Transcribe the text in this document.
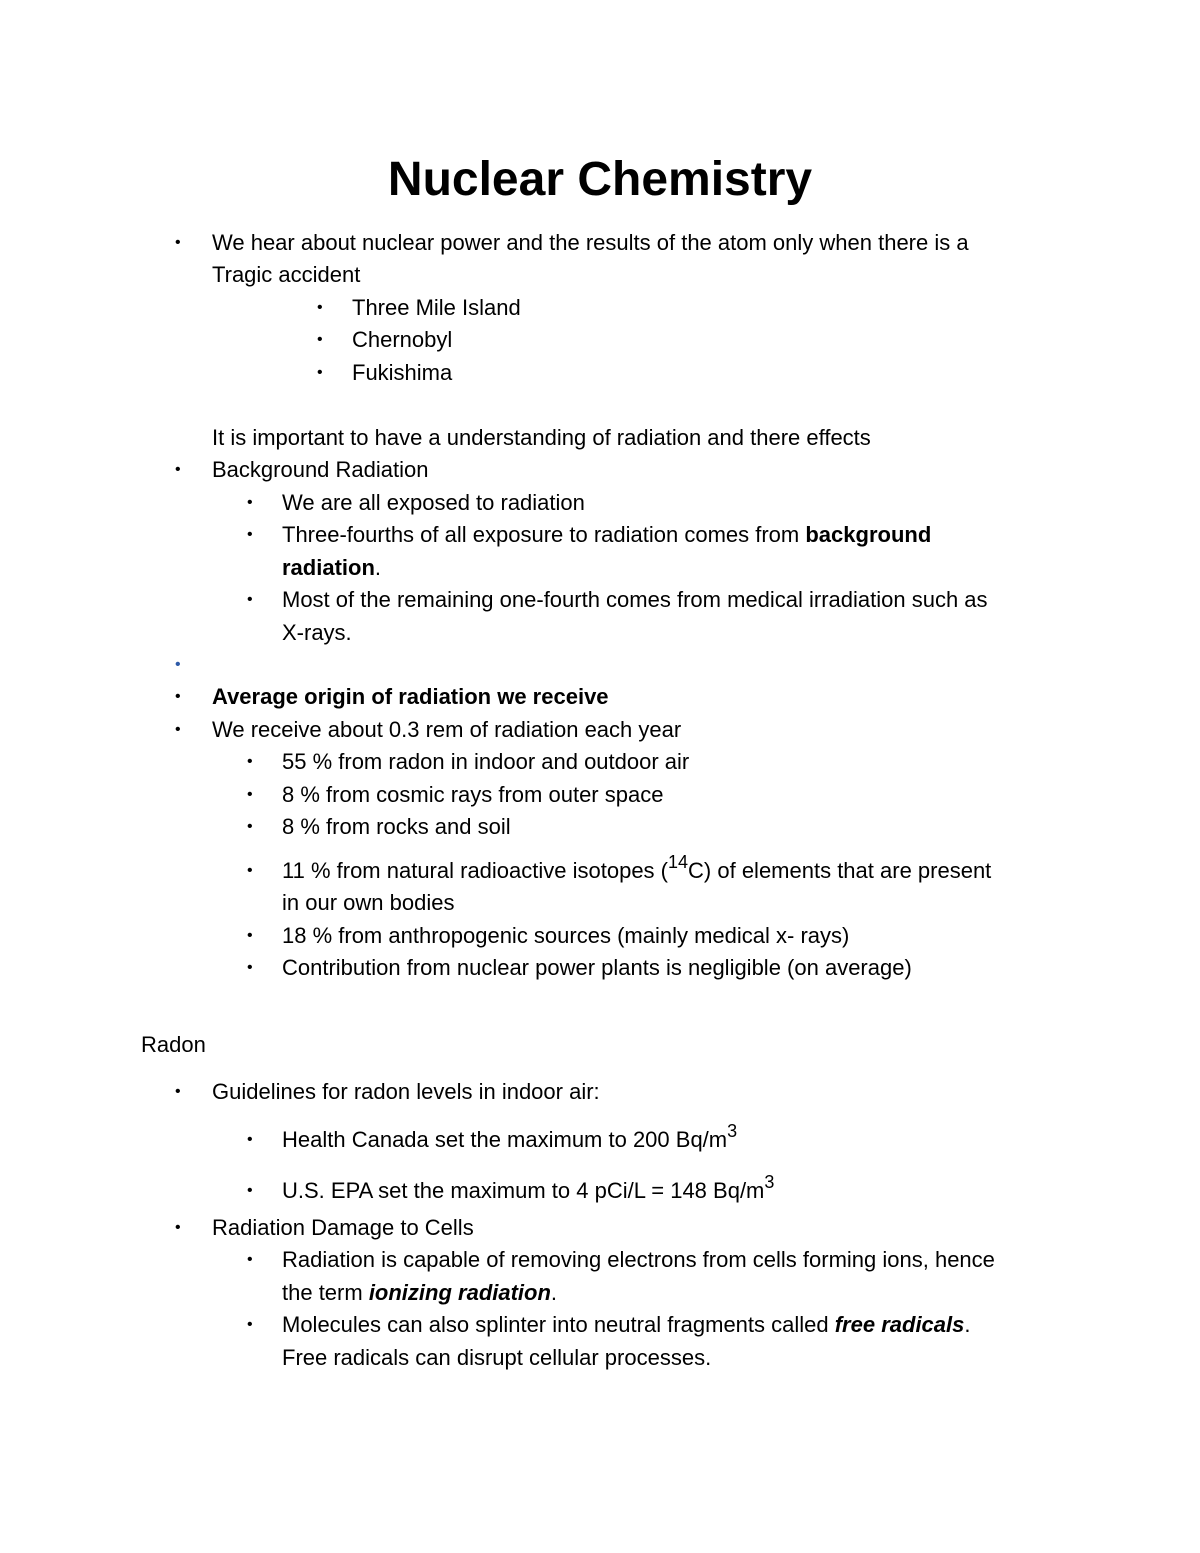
Nuclear Chemistry
• We hear about nuclear power and the results of the atom only when there is a
Tragic accident
• Three Mile Island
• Chernobyl
• Fukishima
It is important to have a understanding of radiation and there effects
• Background Radiation
• We are all exposed to radiation
• Three-fourths of all exposure to radiation comes from background
radiation.
• Most of the remaining one-fourth comes from medical irradiation such as
X-rays.
•
• Average origin of radiation we receive
• We receive about 0.3 rem of radiation each year
• 55 % from radon in indoor and outdoor air
• 8 % from cosmic rays from outer space
• 8 % from rocks and soil
• 11 % from natural radioactive isotopes ($^{14}$C) of elements that are present
in our own bodies
• 18 % from anthropogenic sources (mainly medical x- rays)
• Contribution from nuclear power plants is negligible (on average)
Radon
• Guidelines for radon levels in indoor air:
• Health Canada set the maximum to 200 $Bq/m^3$
• U.S. EPA set the maximum to 4 pCi/L = 148 $Bq/m^3$
• Radiation Damage to Cells
• Radiation is capable of removing electrons from cells forming ions, hence
the term ionizing radiation.
• Molecules can also splinter into neutral fragments called free radicals.
Free radicals can disrupt cellular processes.
